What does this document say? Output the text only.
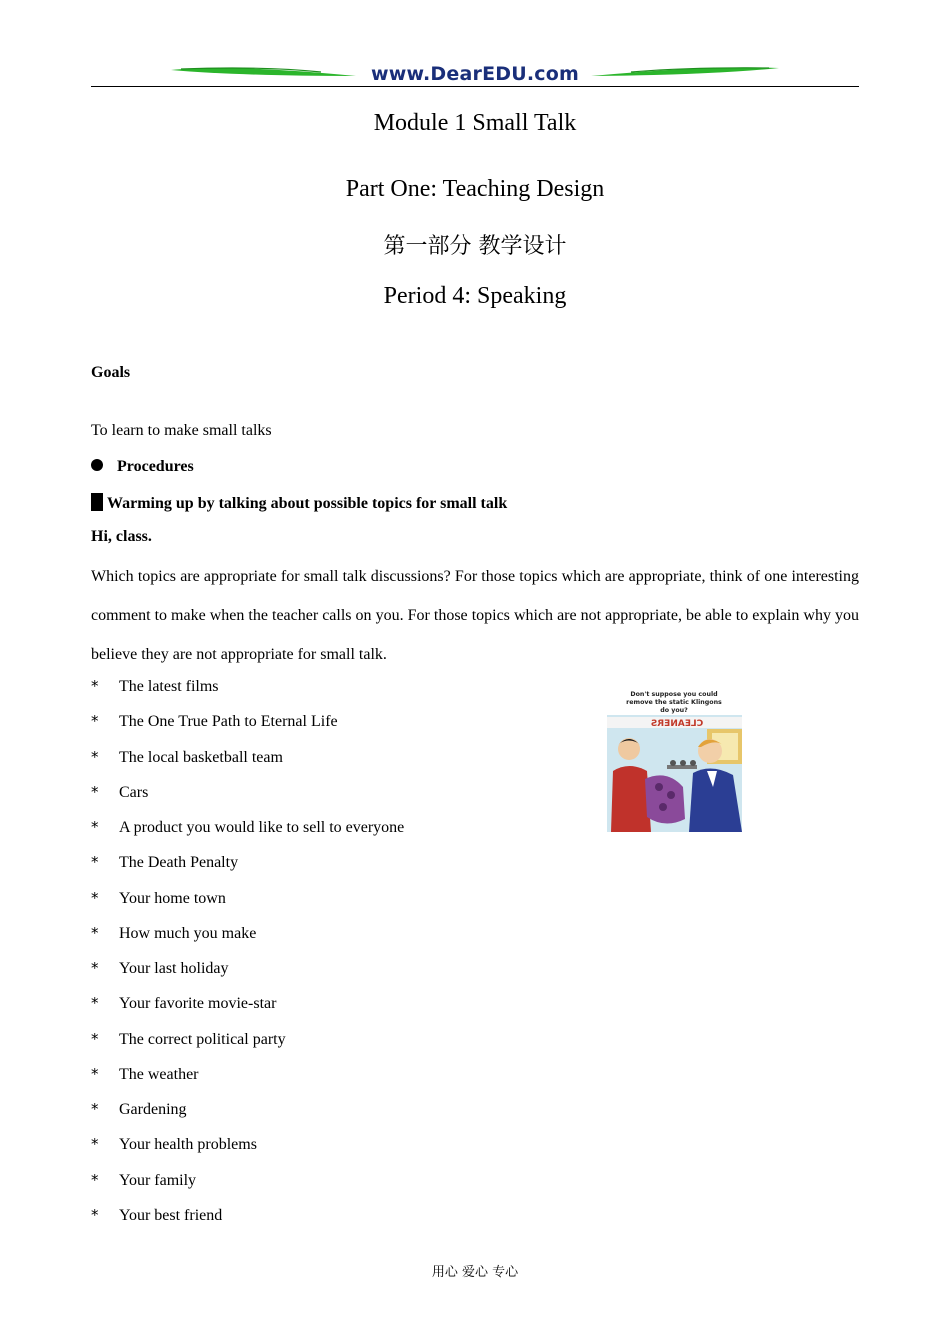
www.DearEDU.com
Module 1 Small Talk
Part One: Teaching Design
第一部分 教学设计
Period 4: Speaking
Goals
To learn to make small talks
Procedures
Warming up by talking about possible topics for small talk
Hi, class.
Which topics are appropriate for small talk discussions? For those topics which are appropriate, think of one interesting comment to make when the teacher calls on you. For those topics which are not appropriate, be able to explain why you believe they are not appropriate for small talk.
* The latest films
* The One True Path to Eternal Life
* The local basketball team
* Cars
* A product you would like to sell to everyone
* The Death Penalty
* Your home town
* How much you make
* Your last holiday
* Your favorite movie-star
* The correct political party
* The weather
* Gardening
* Your health problems
* Your family
* Your best friend
Don't suppose you could
remove the static Klingons
do you?
CLEANERS
用心 爱心 专心
